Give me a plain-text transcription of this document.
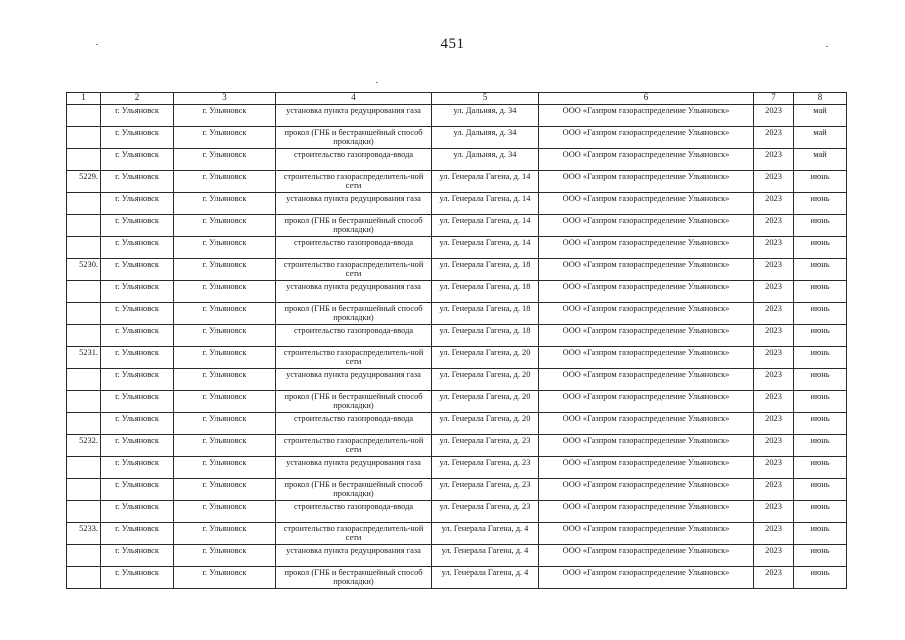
451
1	2	3	4	5	6	7	8
	г. Ульяновск	г. Ульяновск	установка пункта редуцирования газа	ул. Дальняя, д. 34	ООО «Газпром газораспределение Ульяновск»	2023	май
	г. Ульяновск	г. Ульяновск	прокол (ГНБ и бестраншейный способ прокладки)	ул. Дальняя, д. 34	ООО «Газпром газораспределение Ульяновск»	2023	май
	г. Ульяновск	г. Ульяновск	строительство газопровода-ввода	ул. Дальняя, д. 34	ООО «Газпром газораспределение Ульяновск»	2023	май
5229.	г. Ульяновск	г. Ульяновск	строительство газораспределитель-ной сети	ул. Генерала Гагена, д. 14	ООО «Газпром газораспределение Ульяновск»	2023	июнь
	г. Ульяновск	г. Ульяновск	установка пункта редуцирования газа	ул. Генерала Гагена, д. 14	ООО «Газпром газораспределение Ульяновск»	2023	июнь
	г. Ульяновск	г. Ульяновск	прокол (ГНБ и бестраншейный способ прокладки)	ул. Генерала Гагена, д. 14	ООО «Газпром газораспределение Ульяновск»	2023	июнь
	г. Ульяновск	г. Ульяновск	строительство газопровода-ввода	ул. Генерала Гагена, д. 14	ООО «Газпром газораспределение Ульяновск»	2023	июнь
5230.	г. Ульяновск	г. Ульяновск	строительство газораспределитель-ной сети	ул. Генерала Гагена, д. 18	ООО «Газпром газораспределение Ульяновск»	2023	июнь
	г. Ульяновск	г. Ульяновск	установка пункта редуцирования газа	ул. Генерала Гагена, д. 18	ООО «Газпром газораспределение Ульяновск»	2023	июнь
	г. Ульяновск	г. Ульяновск	прокол (ГНБ и бестраншейный способ прокладки)	ул. Генерала Гагена, д. 18	ООО «Газпром газораспределение Ульяновск»	2023	июнь
	г. Ульяновск	г. Ульяновск	строительство газопровода-ввода	ул. Генерала Гагена, д. 18	ООО «Газпром газораспределение Ульяновск»	2023	июнь
5231.	г. Ульяновск	г. Ульяновск	строительство газораспределитель-ной сети	ул. Генерала Гагена, д. 20	ООО «Газпром газораспределение Ульяновск»	2023	июнь
	г. Ульяновск	г. Ульяновск	установка пункта редуцирования газа	ул. Генерала Гагена, д. 20	ООО «Газпром газораспределение Ульяновск»	2023	июнь
	г. Ульяновск	г. Ульяновск	прокол (ГНБ и бестраншейный способ прокладки)	ул. Генерала Гагена, д. 20	ООО «Газпром газораспределение Ульяновск»	2023	июнь
	г. Ульяновск	г. Ульяновск	строительство газопровода-ввода	ул. Генерала Гагена, д. 20	ООО «Газпром газораспределение Ульяновск»	2023	июнь
5232.	г. Ульяновск	г. Ульяновск	строительство газораспределитель-ной сети	ул. Генерала Гагена, д. 23	ООО «Газпром газораспределение Ульяновск»	2023	июнь
	г. Ульяновск	г. Ульяновск	установка пункта редуцирования газа	ул. Генерала Гагена, д. 23	ООО «Газпром газораспределение Ульяновск»	2023	июнь
	г. Ульяновск	г. Ульяновск	прокол (ГНБ и бестраншейный способ прокладки)	ул. Генерала Гагена, д. 23	ООО «Газпром газораспределение Ульяновск»	2023	июнь
	г. Ульяновск	г. Ульяновск	строительство газопровода-ввода	ул. Генерала Гагена, д. 23	ООО «Газпром газораспределение Ульяновск»	2023	июнь
5233.	г. Ульяновск	г. Ульяновск	строительство газораспределитель-ной сети	ул. Генерала Гагена, д. 4	ООО «Газпром газораспределение Ульяновск»	2023	июнь
	г. Ульяновск	г. Ульяновск	установка пункта редуцирования газа	ул. Генерала Гагена, д. 4	ООО «Газпром газораспределение Ульяновск»	2023	июнь
	г. Ульяновск	г. Ульяновск	прокол (ГНБ и бестраншейный способ прокладки)	ул. Генерала Гагена, д. 4	ООО «Газпром газораспределение Ульяновск»	2023	июнь
